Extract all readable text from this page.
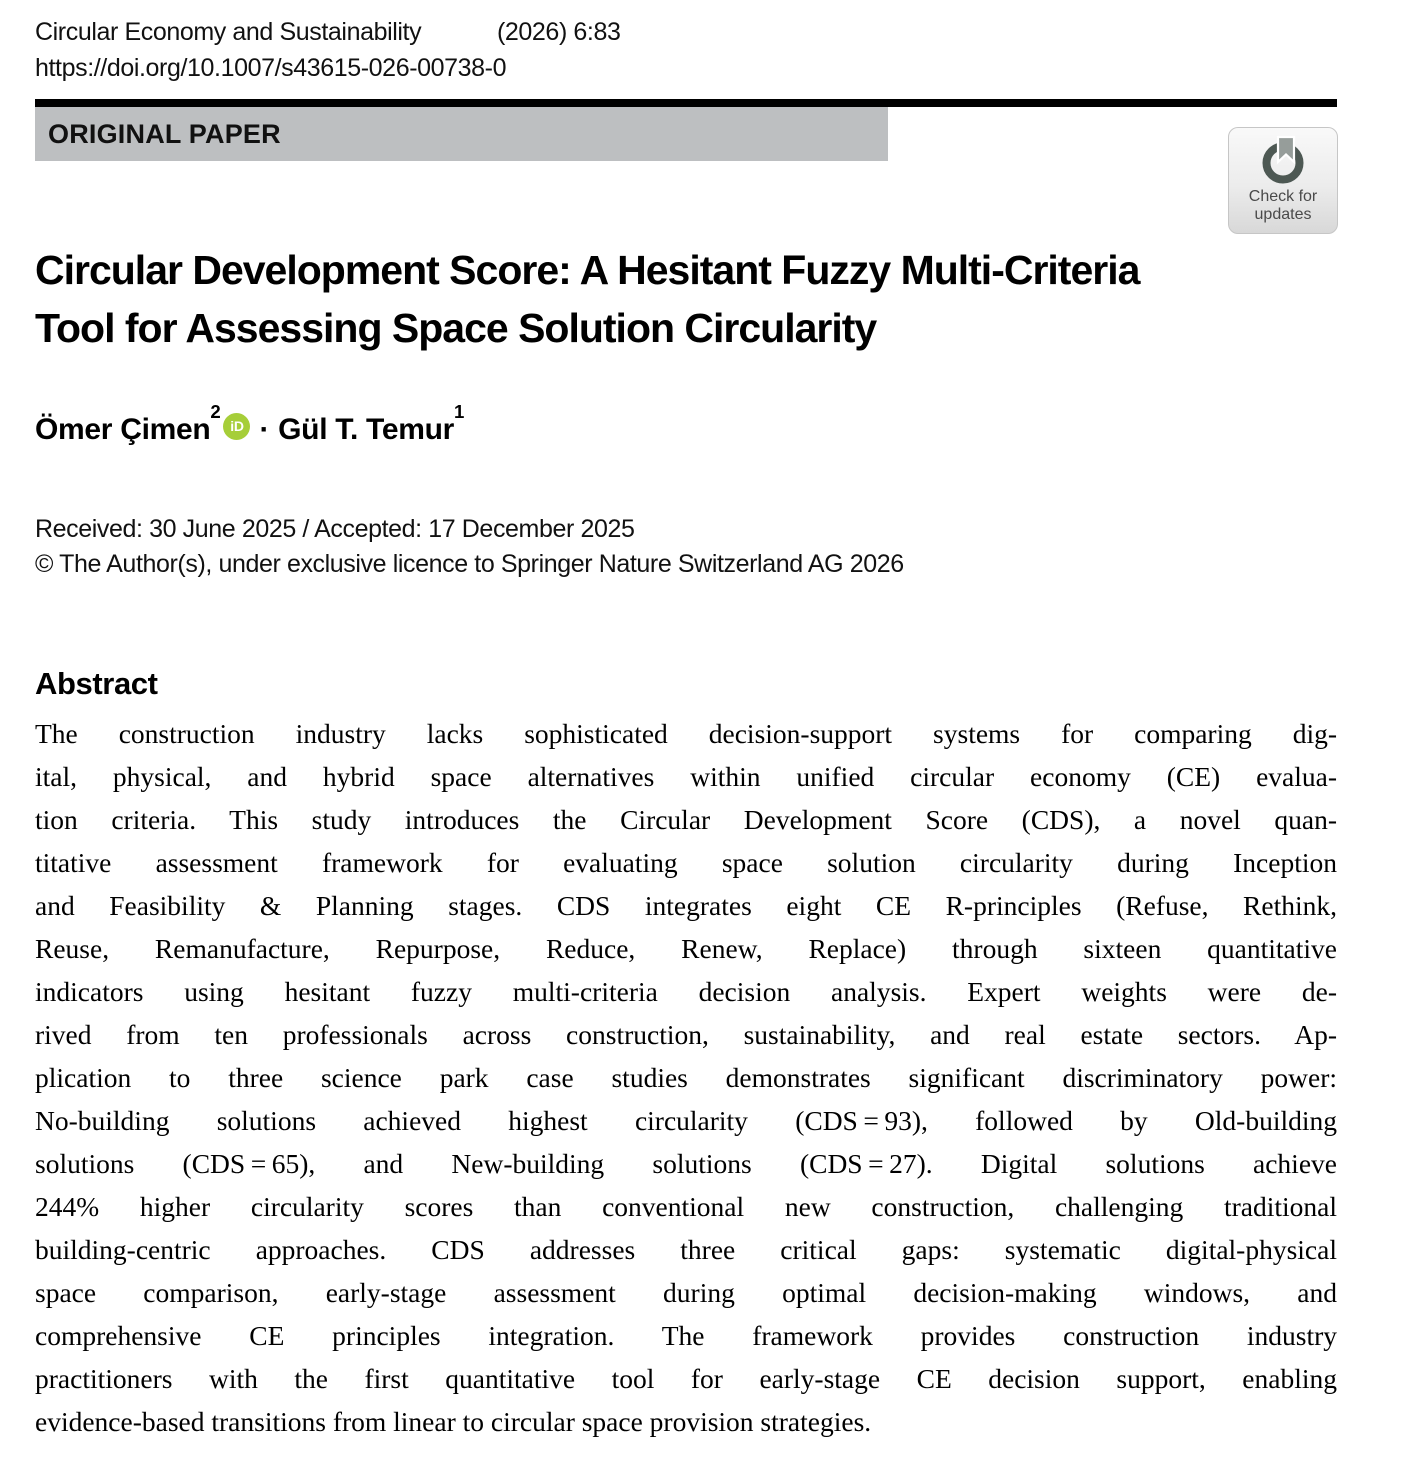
Circular Economy and Sustainability	(2026) 6:83
https://doi.org/10.1007/s43615-026-00738-0
ORIGINAL PAPER
Check for
updates
Circular Development Score: A Hesitant Fuzzy Multi-Criteria
Tool for Assessing Space Solution Circularity
Ömer Çimen$^2$iD · Gül T. Temur$^1$
Received: 30 June 2025 / Accepted: 17 December 2025
© The Author(s), under exclusive licence to Springer Nature Switzerland AG 2026
Abstract
The construction industry lacks sophisticated decision-support systems for comparing dig-
ital, physical, and hybrid space alternatives within unified circular economy (CE) evalua-
tion criteria. This study introduces the Circular Development Score (CDS), a novel quan-
titative assessment framework for evaluating space solution circularity during Inception
and Feasibility & Planning stages. CDS integrates eight CE R-principles (Refuse, Rethink,
Reuse, Remanufacture, Repurpose, Reduce, Renew, Replace) through sixteen quantitative
indicators using hesitant fuzzy multi-criteria decision analysis. Expert weights were de-
rived from ten professionals across construction, sustainability, and real estate sectors. Ap-
plication to three science park case studies demonstrates significant discriminatory power:
No-building solutions achieved highest circularity (CDS = 93), followed by Old-building
solutions (CDS = 65), and New-building solutions (CDS = 27). Digital solutions achieve
244% higher circularity scores than conventional new construction, challenging traditional
building-centric approaches. CDS addresses three critical gaps: systematic digital-physical
space comparison, early-stage assessment during optimal decision-making windows, and
comprehensive CE principles integration. The framework provides construction industry
practitioners with the first quantitative tool for early-stage CE decision support, enabling
evidence-based transitions from linear to circular space provision strategies.
